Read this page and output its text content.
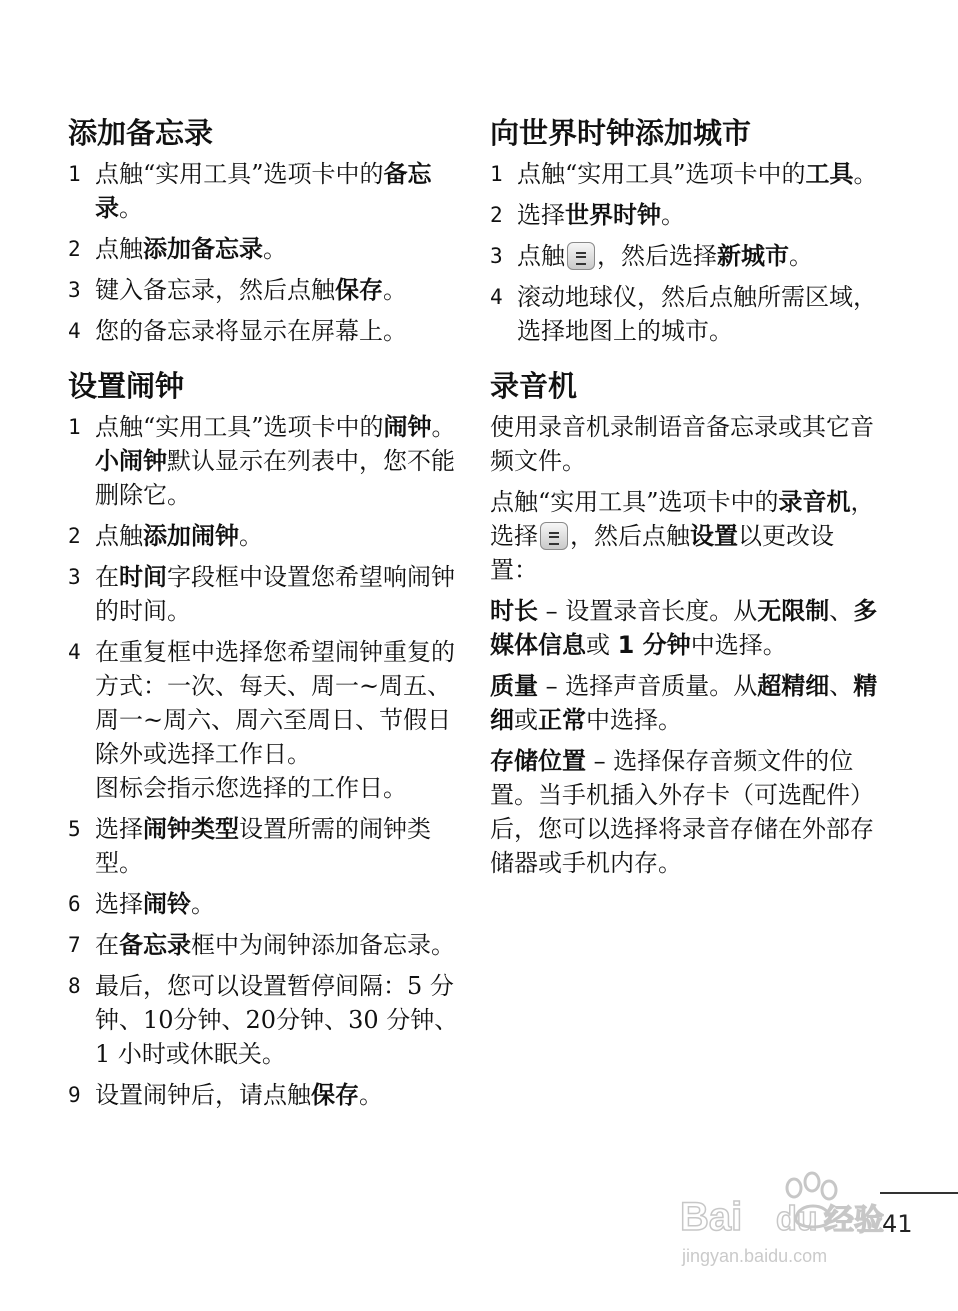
添加备忘录
1 点触“实用工具”选项卡中的备忘录。
2 点触添加备忘录。
3 键入备忘录，然后点触保存。
4 您的备忘录将显示在屏幕上。
设置闹钟
1 点触“实用工具”选项卡中的闹钟。小闹钟默认显示在列表中，您不能删除它。
2 点触添加闹钟。
3 在时间字段框中设置您希望响闹钟的时间。
4 在重复框中选择您希望闹钟重复的方式：一次、每天、周一~周五、周一~周六、周六至周日、节假日除外或选择工作日。
图标会指示您选择的工作日。
5 选择闹钟类型设置所需的闹钟类型。
6 选择闹铃。
7 在备忘录框中为闹钟添加备忘录。
8 最后，您可以设置暂停间隔：5 分钟、10分钟、20分钟、30 分钟、1 小时或休眠关。
9 设置闹钟后，请点触保存。
向世界时钟添加城市
1 点触“实用工具”选项卡中的工具。
2 选择世界时钟。
3 点触 ，然后选择新城市。
4 滚动地球仪，然后点触所需区域，选择地图上的城市。
录音机

使用录音机录制语音备忘录或其它音频文件。

点触“实用工具”选项卡中的录音机，选择 ，然后点触设置以更改设置：

时长 – 设置录音长度。从无限制、多媒体信息或 1 分钟中选择。

质量 – 选择声音质量。从超精细、精细或正常中选择。

存储位置 – 选择保存音频文件的位置。当手机插入外存卡（可选配件）后，您可以选择将录音存储在外部存储器或手机内存。

41
Bai du 经验
jingyan.baidu.com
